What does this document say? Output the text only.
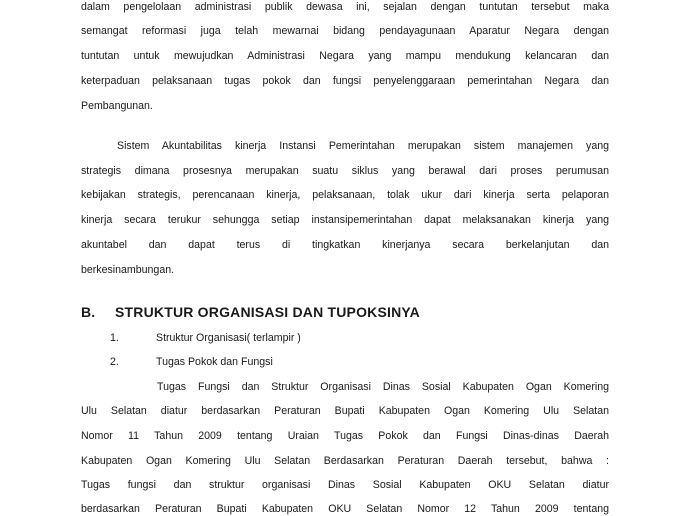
dalam pengelolaan administrasi publik dewasa ini, sejalan dengan tuntutan tersebut maka
semangat reformasi juga telah mewarnai bidang pendayagunaan Aparatur Negara dengan
tuntutan untuk mewujudkan Administrasi Negara yang mampu mendukung kelancaran dan
keterpaduan pelaksanaan tugas pokok dan fungsi penyelenggaraan pemerintahan Negara dan
Pembangunan.
Sistem Akuntabilitas kinerja Instansi Pemerintahan merupakan sistem manajemen yang
strategis dimana prosesnya merupakan suatu siklus yang berawal dari proses perumusan
kebijakan strategis, perencanaan kinerja, pelaksanaan, tolak ukur dari kinerja serta pelaporan
kinerja secara terukur sehungga setiap instansipemerintahan dapat melaksanakan kinerja yang
akuntabel dan dapat terus di tingkatkan kinerjanya secara berkelanjutan dan
berkesinambungan.
B. STRUKTUR ORGANISASI DAN TUPOKSINYA
1.	Struktur Organisasi( terlampir )
2.	Tugas Pokok dan Fungsi
Tugas Fungsi dan Struktur Organisasi Dinas Sosial Kabupaten Ogan Komering
Ulu Selatan diatur berdasarkan Peraturan Bupati Kabupaten Ogan Komering Ulu Selatan
Nomor 11 Tahun 2009 tentang Uraian Tugas Pokok dan Fungsi Dinas-dinas Daerah
Kabupaten Ogan Komering Ulu Selatan Berdasarkan Peraturan Daerah tersebut, bahwa :
Tugas fungsi dan struktur organisasi Dinas Sosial Kabupaten OKU Selatan diatur
berdasarkan Peraturan Bupati Kabupaten OKU Selatan Nomor 12 Tahun 2009 tentang
